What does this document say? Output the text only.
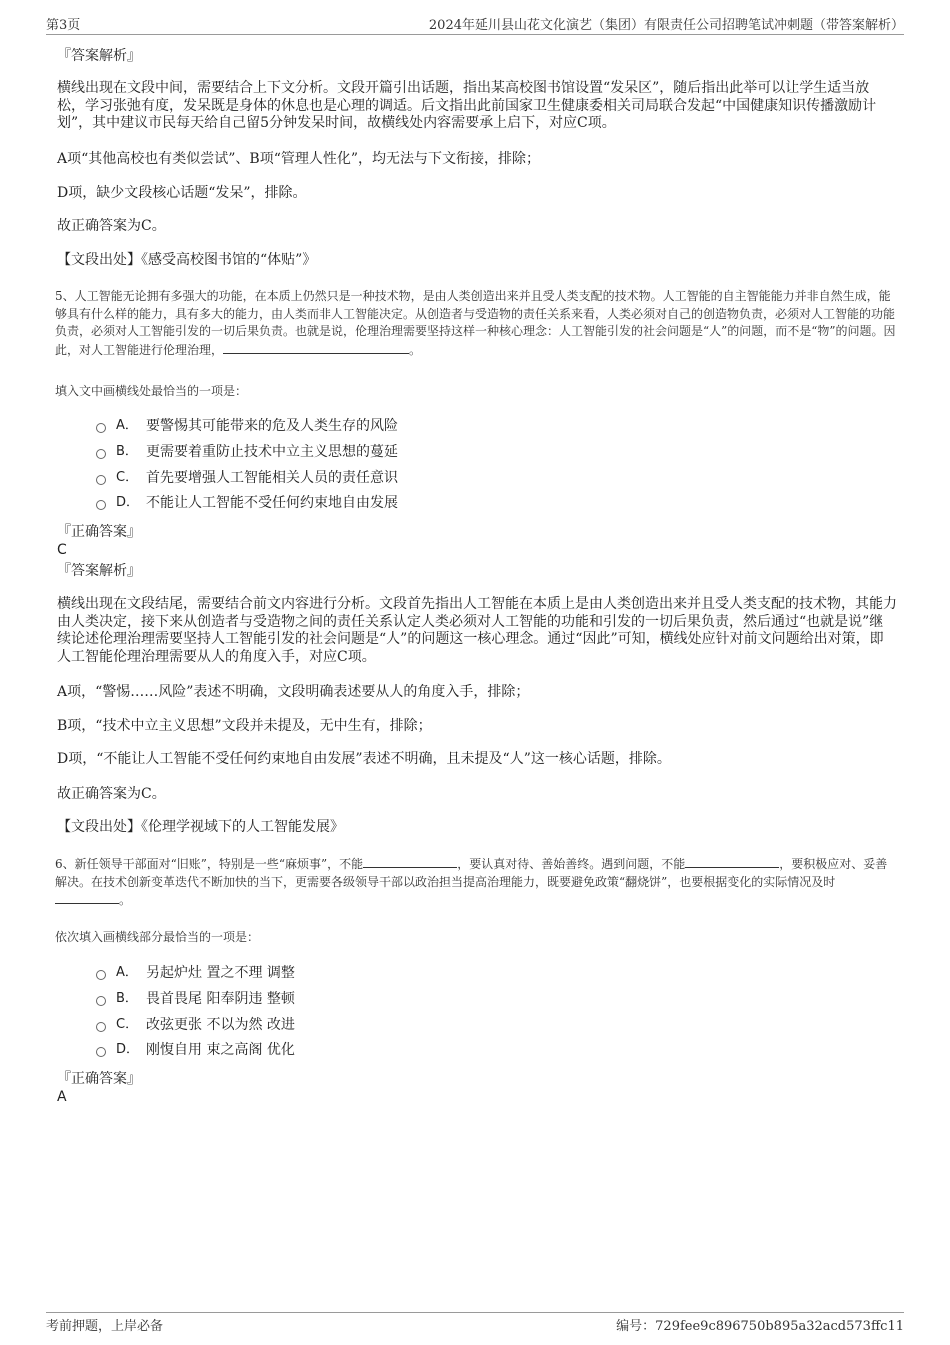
第3页	2024年延川县山花文化演艺（集团）有限责任公司招聘笔试冲刺题（带答案解析）
『答案解析』
横线出现在文段中间，需要结合上下文分析。文段开篇引出话题，指出某高校图书馆设置“发呆区”，随后指出此举可以让学生适当放松，学习张弛有度，发呆既是身体的休息也是心理的调适。后文指出此前国家卫生健康委相关司局联合发起“中国健康知识传播激励计划”，其中建议市民每天给自己留5分钟发呆时间，故横线处内容需要承上启下，对应C项。
A项“其他高校也有类似尝试”、B项“管理人性化”，均无法与下文衔接，排除；
D项，缺少文段核心话题“发呆”，排除。
故正确答案为C。
【文段出处】《感受高校图书馆的“体贴”》
5、人工智能无论拥有多强大的功能，在本质上仍然只是一种技术物，是由人类创造出来并且受人类支配的技术物。人工智能的自主智能能力并非自然生成，能够具有什么样的能力，具有多大的能力，由人类而非人工智能决定。从创造者与受造物的责任关系来看，人类必须对自己的创造物负责，必须对人工智能的功能负责，必须对人工智能引发的一切后果负责。也就是说，伦理治理需要坚持这样一种核心理念：人工智能引发的社会问题是“人”的问题，而不是“物”的问题。因此，对人工智能进行伦理治理，	。
填入文中画横线处最恰当的一项是：
A． 要警惕其可能带来的危及人类生存的风险
B． 更需要着重防止技术中立主义思想的蔓延
C． 首先要增强人工智能相关人员的责任意识
D． 不能让人工智能不受任何约束地自由发展
『正确答案』
C
『答案解析』
横线出现在文段结尾，需要结合前文内容进行分析。文段首先指出人工智能在本质上是由人类创造出来并且受人类支配的技术物，其能力由人类决定，接下来从创造者与受造物之间的责任关系认定人类必须对人工智能的功能和引发的一切后果负责，然后通过“也就是说”继续论述伦理治理需要坚持人工智能引发的社会问题是“人”的问题这一核心理念。通过“因此”可知，横线处应针对前文问题给出对策，即人工智能伦理治理需要从人的角度入手，对应C项。
A项，“警惕……风险”表述不明确，文段明确表述要从人的角度入手，排除；
B项，“技术中立主义思想”文段并未提及，无中生有，排除；
D项，“不能让人工智能不受任何约束地自由发展”表述不明确，且未提及“人”这一核心话题，排除。
故正确答案为C。
【文段出处】《伦理学视域下的人工智能发展》
6、新任领导干部面对“旧账”，特别是一些“麻烦事”，不能	，要认真对待、善始善终。遇到问题，不能	，要积极应对、妥善解决。在技术创新变革迭代不断加快的当下，更需要各级领导干部以政治担当提高治理能力，既要避免政策“翻烧饼”，也要根据变化的实际情况及时。
依次填入画横线部分最恰当的一项是：
A． 另起炉灶 置之不理 调整
B． 畏首畏尾 阳奉阴违 整顿
C． 改弦更张 不以为然 改进
D． 刚愎自用 束之高阁 优化
『正确答案』
A
考前押题，上岸必备	编号：729fee9c896750b895a32acd573ffc11
